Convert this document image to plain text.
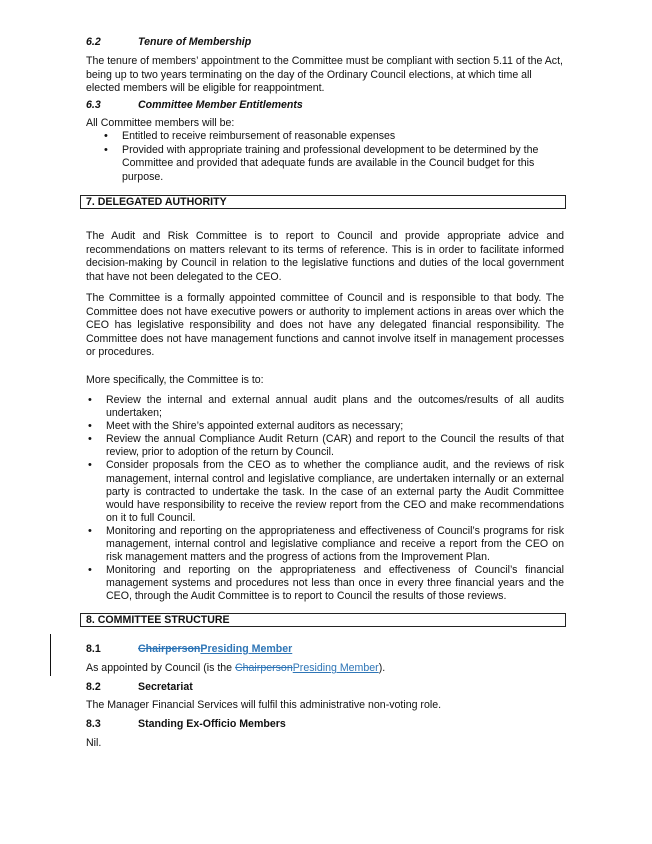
6.2	Tenure of Membership
The tenure of members’ appointment to the Committee must be compliant with section 5.11 of the Act, being up to two years terminating on the day of the Ordinary Council elections, at which time all elected members will be eligible for reappointment.
6.3	Committee Member Entitlements
All Committee members will be:
• Entitled to receive reimbursement of reasonable expenses
• Provided with appropriate training and professional development to be determined by the Committee and provided that adequate funds are available in the Council budget for this purpose.
7. DELEGATED AUTHORITY
The Audit and Risk Committee is to report to Council and provide appropriate advice and recommendations on matters relevant to its terms of reference. This is in order to facilitate informed decision-making by Council in relation to the legislative functions and duties of the local government that have not been delegated to the CEO.
The Committee is a formally appointed committee of Council and is responsible to that body. The Committee does not have executive powers or authority to implement actions in areas over which the CEO has legislative responsibility and does not have any delegated financial responsibility. The Committee does not have management functions and cannot involve itself in management processes or procedures.
More specifically, the Committee is to:
• Review the internal and external annual audit plans and the outcomes/results of all audits undertaken;
• Meet with the Shire’s appointed external auditors as necessary;
• Review the annual Compliance Audit Return (CAR) and report to the Council the results of that review, prior to adoption of the return by Council.
• Consider proposals from the CEO as to whether the compliance audit, and the reviews of risk management, internal control and legislative compliance, are undertaken internally or an external party is contracted to undertake the task. In the case of an external party the Audit Committee would have responsibility to receive the review report from the CEO and make recommendations on it to full Council.
• Monitoring and reporting on the appropriateness and effectiveness of Council’s programs for risk management, internal control and legislative compliance and receive a report from the CEO on risk management matters and the progress of actions from the Improvement Plan.
• Monitoring and reporting on the appropriateness and effectiveness of Council’s financial management systems and procedures not less than once in every three financial years and the CEO, through the Audit Committee is to report to Council the results of those reviews.
8. COMMITTEE STRUCTURE
8.1	ChairpersonPresiding Member
As appointed by Council (is the ChairpersonPresiding Member).
8.2	Secretariat
The Manager Financial Services will fulfil this administrative non-voting role.
8.3	Standing Ex-Officio Members
Nil.
